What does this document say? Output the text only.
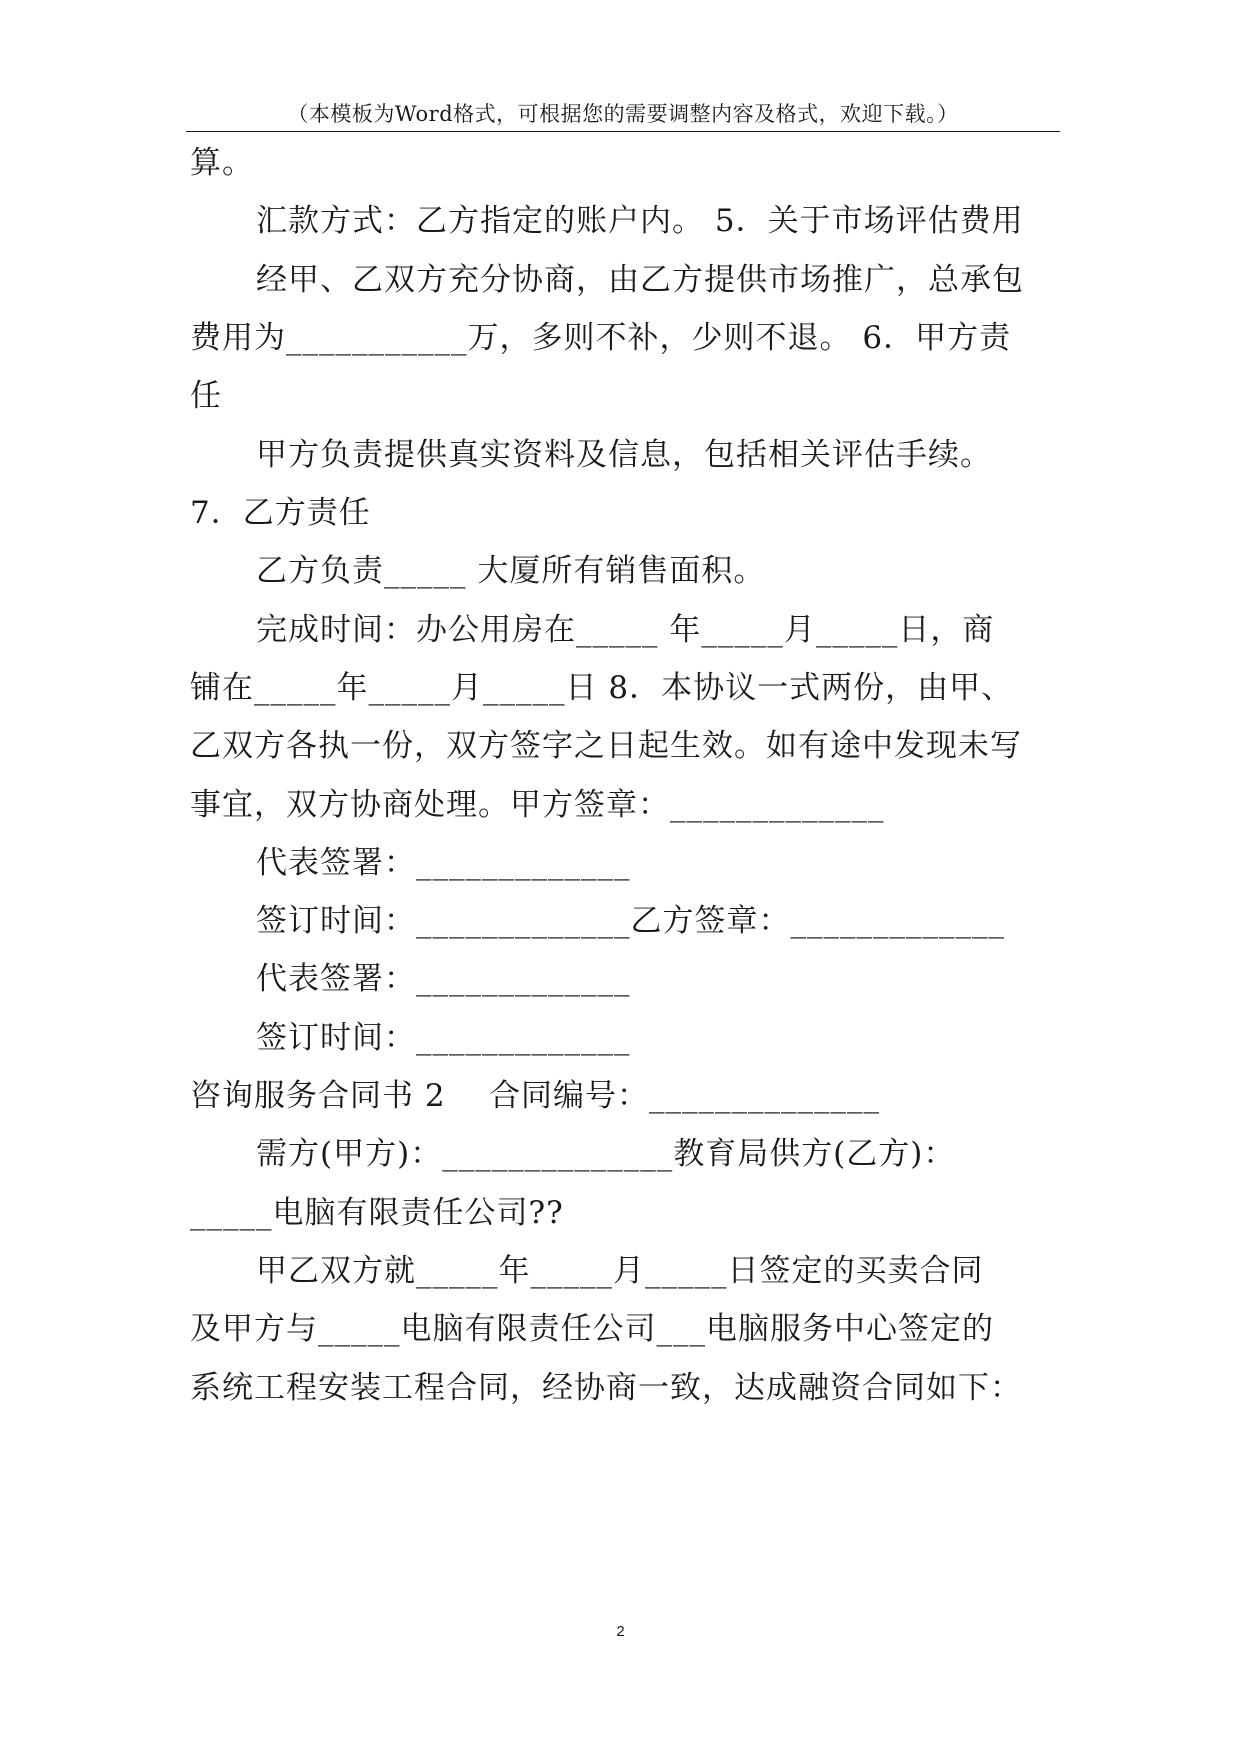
（本模板为Word格式，可根据您的需要调整内容及格式，欢迎下载。）
算。
汇款方式：乙方指定的账户内。 5．关于市场评估费用
经甲、乙双方充分协商，由乙方提供市场推广，总承包
费用为___________万，多则不补，少则不退。 6．甲方责
任
甲方负责提供真实资料及信息，包括相关评估手续。
7．乙方责任
乙方负责_____ 大厦所有销售面积。
完成时间：办公用房在_____ 年_____月_____日，商
铺在_____年_____月_____日 8．本协议一式两份，由甲、
乙双方各执一份，双方签字之日起生效。如有途中发现未写
事宜，双方协商处理。甲方签章：_____________
代表签署：_____________
签订时间：_____________乙方签章：_____________
代表签署：_____________
签订时间：_____________
咨询服务合同书 2    合同编号：______________
需方(甲方)：______________教育局供方(乙方)：
_____电脑有限责任公司??
甲乙双方就_____年_____月_____日签定的买卖合同
及甲方与_____电脑有限责任公司___电脑服务中心签定的
系统工程安装工程合同，经协商一致，达成融资合同如下：
2
